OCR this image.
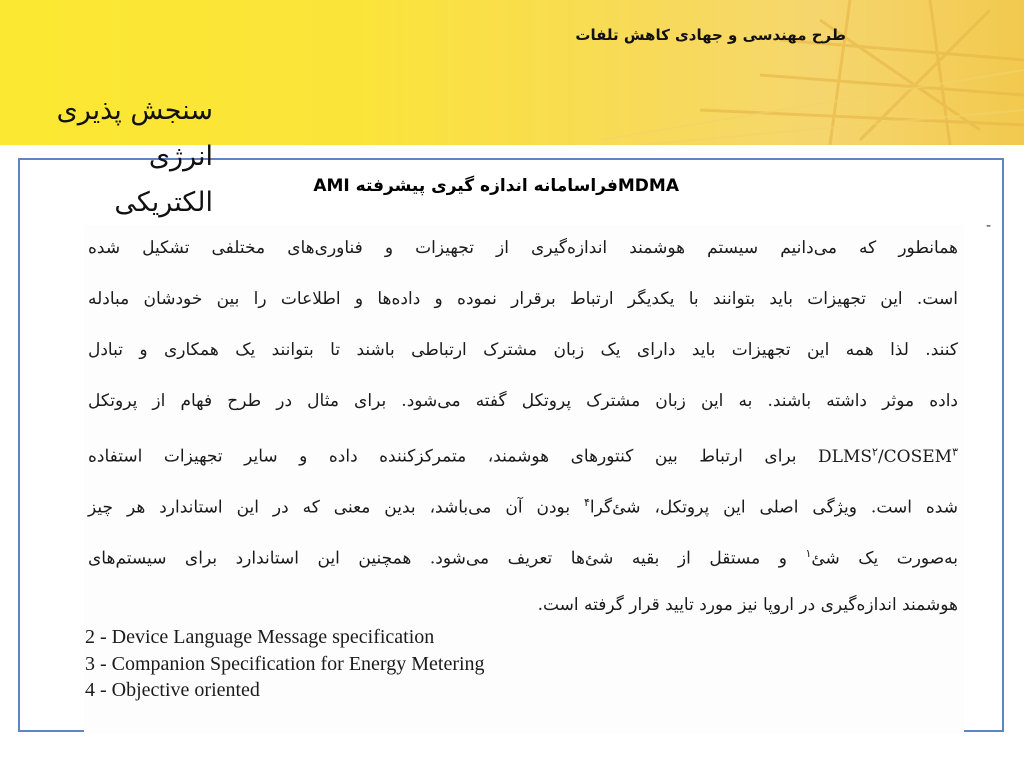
طرح مهندسی و جهادی کاهش تلفات
سنجش پذیری
انرژی
الکتریکی
MDMAفراسامانه اندازه گیری پیشرفته AMI
-
همانطور که می‌دانیم سیستم هوشمند اندازه‌گیری از تجهیزات و فناوری‌های مختلفی تشکیل شده
است. این تجهیزات باید بتوانند با یکدیگر ارتباط برقرار نموده و داده‌ها و اطلاعات را بین خودشان مبادله
کنند. لذا همه این تجهیزات باید دارای یک زبان مشترک ارتباطی باشند تا بتوانند یک همکاری و تبادل
داده موثر داشته باشند. به این زبان مشترک پروتکل گفته می‌شود. برای مثال در طرح فهام از پروتکل
DLMS$^۲$/COSEM$^۳$ برای ارتباط بین کنتورهای هوشمند، متمرکزکننده داده و سایر تجهیزات استفاده
شده است. ویژگی اصلی این پروتکل، شئ‌گرا$^۴$ بودن آن می‌باشد، بدین معنی که در این استاندارد هر چیز
به‌صورت یک شئ$^۱$ و مستقل از بقیه شئ‌ها تعریف می‌شود. همچنین این استاندارد برای سیستم‌های
هوشمند اندازه‌گیری در اروپا نیز مورد تایید قرار گرفته است.
2 - Device Language Message specification
3 - Companion Specification for Energy Metering
4 - Objective oriented
